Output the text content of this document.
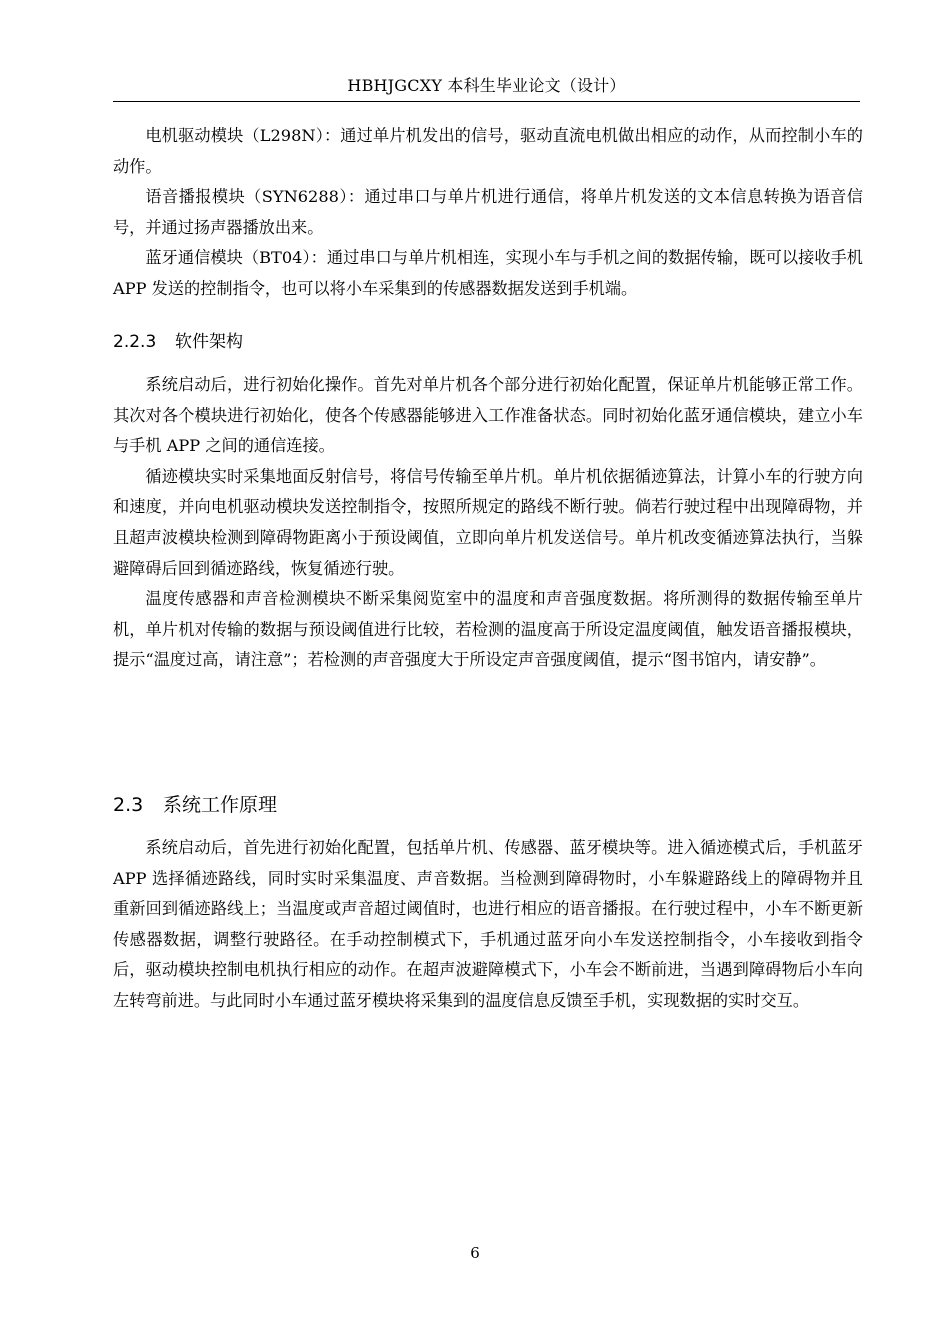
HBHJGCXY 本科生毕业论文（设计）

电机驱动模块（L298N）：通过单片机发出的信号，驱动直流电机做出相应的动作，从而控制小车的动作。

语音播报模块（SYN6288）：通过串口与单片机进行通信，将单片机发送的文本信息转换为语音信号，并通过扬声器播放出来。

蓝牙通信模块（BT04）：通过串口与单片机相连，实现小车与手机之间的数据传输，既可以接收手机 APP 发送的控制指令，也可以将小车采集到的传感器数据发送到手机端。

2.2.3 软件架构

系统启动后，进行初始化操作。首先对单片机各个部分进行初始化配置，保证单片机能够正常工作。其次对各个模块进行初始化，使各个传感器能够进入工作准备状态。同时初始化蓝牙通信模块，建立小车与手机 APP 之间的通信连接。

循迹模块实时采集地面反射信号，将信号传输至单片机。单片机依据循迹算法，计算小车的行驶方向和速度，并向电机驱动模块发送控制指令，按照所规定的路线不断行驶。倘若行驶过程中出现障碍物，并且超声波模块检测到障碍物距离小于预设阈值，立即向单片机发送信号。单片机改变循迹算法执行，当躲避障碍后回到循迹路线，恢复循迹行驶。

温度传感器和声音检测模块不断采集阅览室中的温度和声音强度数据。将所测得的数据传输至单片机，单片机对传输的数据与预设阈值进行比较，若检测的温度高于所设定温度阈值，触发语音播报模块，提示“温度过高，请注意”；若检测的声音强度大于所设定声音强度阈值，提示“图书馆内，请安静”。

2.3 系统工作原理

系统启动后，首先进行初始化配置，包括单片机、传感器、蓝牙模块等。进入循迹模式后，手机蓝牙 APP 选择循迹路线，同时实时采集温度、声音数据。当检测到障碍物时，小车躲避路线上的障碍物并且重新回到循迹路线上；当温度或声音超过阈值时，也进行相应的语音播报。在行驶过程中，小车不断更新传感器数据，调整行驶路径。在手动控制模式下，手机通过蓝牙向小车发送控制指令，小车接收到指令后，驱动模块控制电机执行相应的动作。在超声波避障模式下，小车会不断前进，当遇到障碍物后小车向左转弯前进。与此同时小车通过蓝牙模块将采集到的温度信息反馈至手机，实现数据的实时交互。

6
